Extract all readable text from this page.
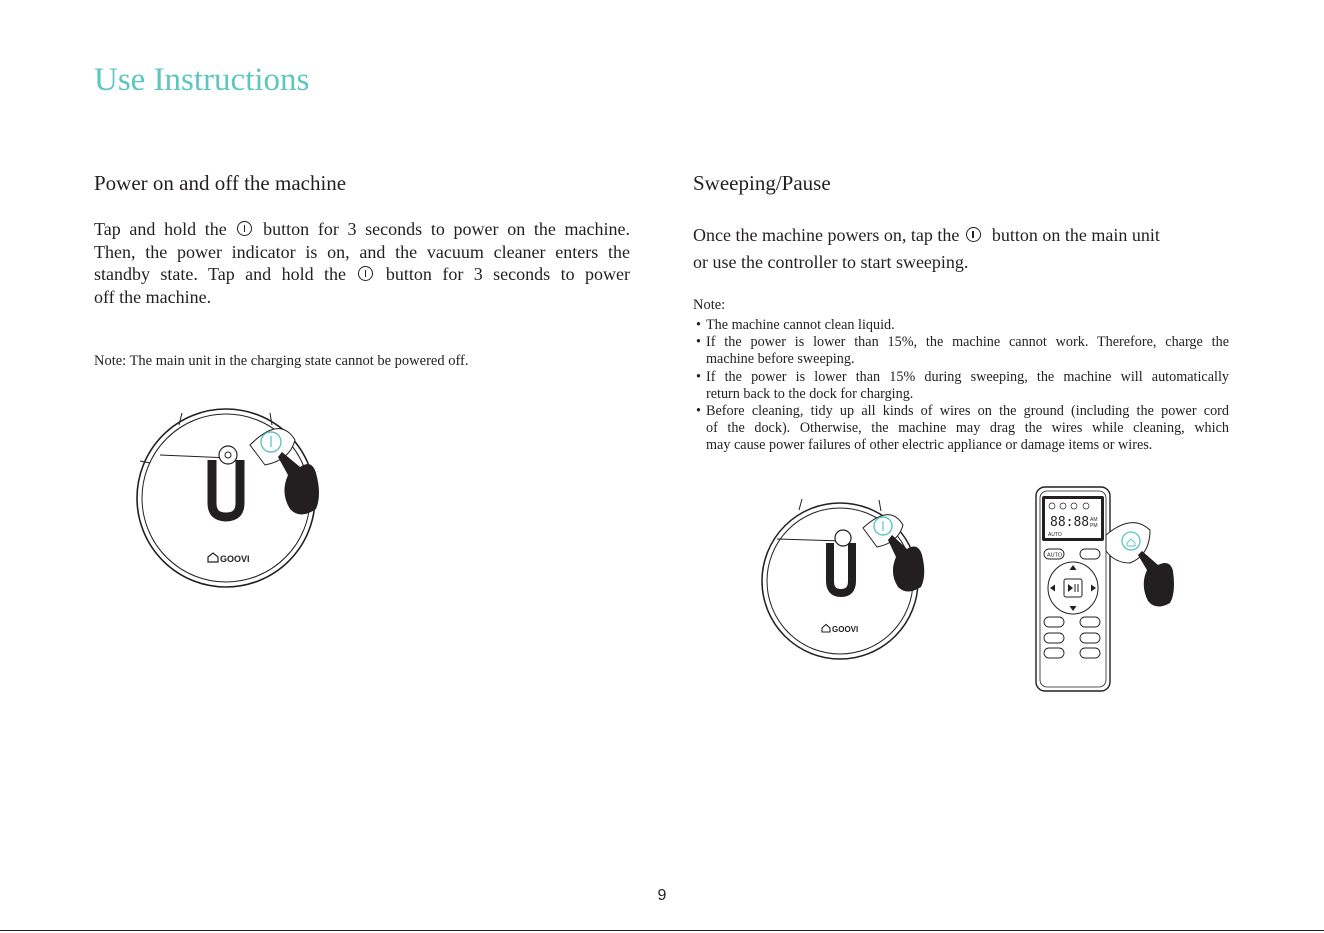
Use Instructions
Power on and off the machine

Tap and hold the button for 3 seconds to power on the machine.

Then, the power indicator is on, and the vacuum cleaner enters the

standby state. Tap and hold the button for 3 seconds to power

off the machine.

Note: The main unit in the charging state cannot be powered off.
GOOVI
Sweeping/Pause

Once the machine powers on, tap the button on the main unit

or use the controller to start sweeping.

Note:
• The machine cannot clean liquid.
• If the power is lower than 15%, the machine cannot work. Therefore, charge the
machine before sweeping.
• If the power is lower than 15% during sweeping, the machine will automatically
return back to the dock for charging.
• Before cleaning, tidy up all kinds of wires on the ground (including the power cord
of the dock). Otherwise, the machine may drag the wires while cleaning, which
may cause power failures of other electric appliance or damage items or wires.
GOOVI
88:88 AM
PM
AUTO
AUTO
9
